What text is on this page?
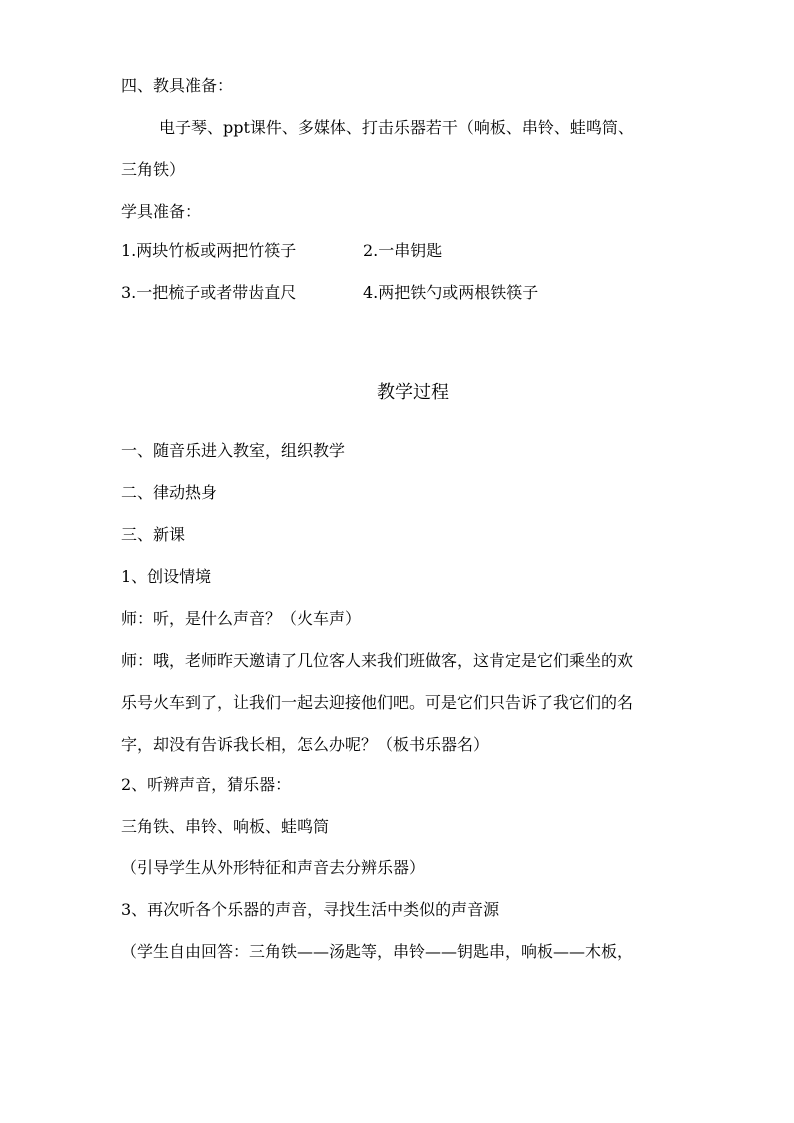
四、教具准备：
电子琴、ppt课件、多媒体、打击乐器若干（响板、串铃、蛙鸣筒、
三角铁）
学具准备：
1.两块竹板或两把竹筷子	2.一串钥匙
3.一把梳子或者带齿直尺	4.两把铁勺或两根铁筷子
教学过程
一、随音乐进入教室，组织教学
二、律动热身
三、新课
1、创设情境
师：听，是什么声音？（火车声）
师：哦，老师昨天邀请了几位客人来我们班做客，这肯定是它们乘坐的欢
乐号火车到了，让我们一起去迎接他们吧。可是它们只告诉了我它们的名
字，却没有告诉我长相，怎么办呢？（板书乐器名）
2、听辨声音，猜乐器：
三角铁、串铃、响板、蛙鸣筒
（引导学生从外形特征和声音去分辨乐器）
3、再次听各个乐器的声音，寻找生活中类似的声音源
（学生自由回答：三角铁——汤匙等，串铃——钥匙串，响板——木板，
